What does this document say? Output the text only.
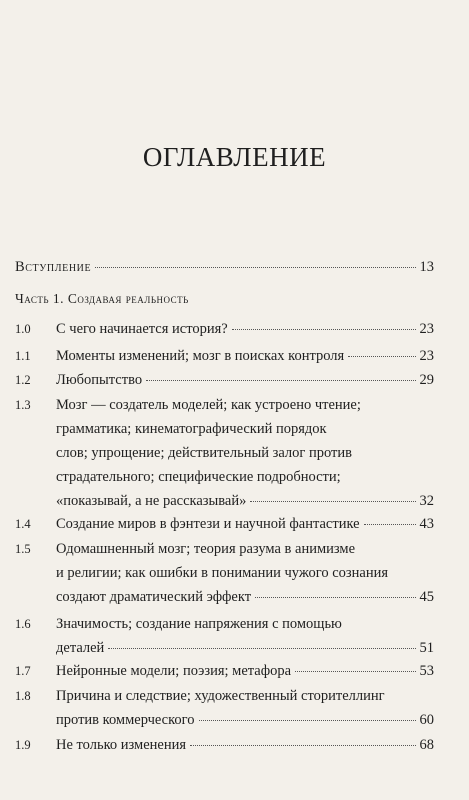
ОГЛАВЛЕНИЕ
Вступление	13
Часть 1. Создавая реальность
1.0 С чего начинается история?	23
1.1 Моменты изменений; мозг в поисках контроля	23
1.2 Любопытство	29
1.3 Мозг — создатель моделей; как устроено чтение;
грамматика; кинематографический порядок
слов; упрощение; действительный залог против
страдательного; специфические подробности;
«показывай, а не рассказывай»	32
1.4 Создание миров в фэнтези и научной фантастике	43
1.5 Одомашненный мозг; теория разума в анимизме
и религии; как ошибки в понимании чужого сознания
создают драматический эффект	45
1.6 Значимость; создание напряжения с помощью
деталей	51
1.7 Нейронные модели; поэзия; метафора	53
1.8 Причина и следствие; художественный сторителлинг
против коммерческого	60
1.9 Не только изменения	68
